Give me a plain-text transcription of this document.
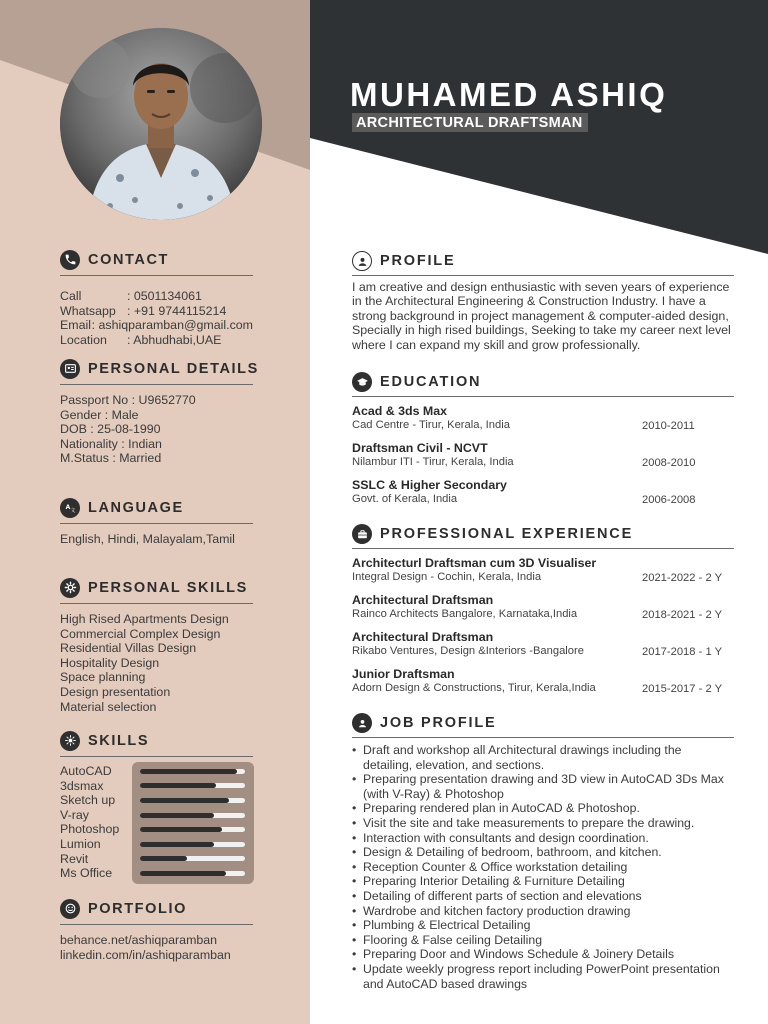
MUHAMED ASHIQ
ARCHITECTURAL DRAFTSMAN
CONTACT
Call	: 0501134061
Whatsapp : +91 9744115214
Email : ashiqparamban@gmail.com
Location	: Abhudhabi,UAE
PERSONAL DETAILS
Passport No : U9652770
Gender : Male
DOB : 25-08-1990
Nationality : Indian
M.Status : Married
A 文 LANGUAGE
English, Hindi, Malayalam,Tamil
PERSONAL SKILLS
High Rised Apartments Design
Commercial Complex Design
Residential Villas Design
Hospitality Design
Space planning
Design presentation
Material selection
SKILLS
AutoCAD
3dsmax
Sketch up
V-ray
Photoshop
Lumion
Revit
Ms Office
PORTFOLIO
behance.net/ashiqparamban
linkedin.com/in/ashiqparamban
PROFILE
I am creative and design enthusiastic with seven years of experience in the Architectural Engineering & Construction Industry. I have a strong background in project management & computer-aided design, Specially in high rised buildings, Seeking to take my career next level where I can expand my skill and grow professionally.
EDUCATION
Acad & 3ds Max
Cad Centre - Tirur, Kerala, India	2010-2011
Draftsman Civil - NCVT
Nilambur ITI - Tirur, Kerala, India	2008-2010
SSLC & Higher Secondary
Govt. of Kerala, India	2006-2008
PROFESSIONAL EXPERIENCE
Architecturl Draftsman cum 3D Visualiser
Integral Design - Cochin, Kerala, India	2021-2022 - 2 Y
Architectural Draftsman
Rainco Architects Bangalore, Karnataka,India	2018-2021 - 2 Y
Architectural Draftsman
Rikabo Ventures, Design &Interiors -Bangalore	2017-2018 - 1 Y
Junior Draftsman
Adorn Design & Constructions, Tirur, Kerala,India	2015-2017 - 2 Y
JOB PROFILE
• Draft and workshop all Architectural drawings including the detailing, elevation, and sections.
• Preparing presentation drawing and 3D view in AutoCAD 3Ds Max (with V-Ray) & Photoshop
• Preparing rendered plan in AutoCAD & Photoshop.
• Visit the site and take measurements to prepare the drawing.
• Interaction with consultants and design coordination.
• Design & Detailing of bedroom, bathroom, and kitchen.
• Reception Counter & Office workstation detailing
• Preparing Interior Detailing & Furniture Detailing
• Detailing of different parts of section and elevations
• Wardrobe and kitchen factory production drawing
• Plumbing & Electrical Detailing
• Flooring & False ceiling Detailing
• Preparing Door and Windows Schedule & Joinery Details
• Update weekly progress report including PowerPoint presentation and AutoCAD based drawings
